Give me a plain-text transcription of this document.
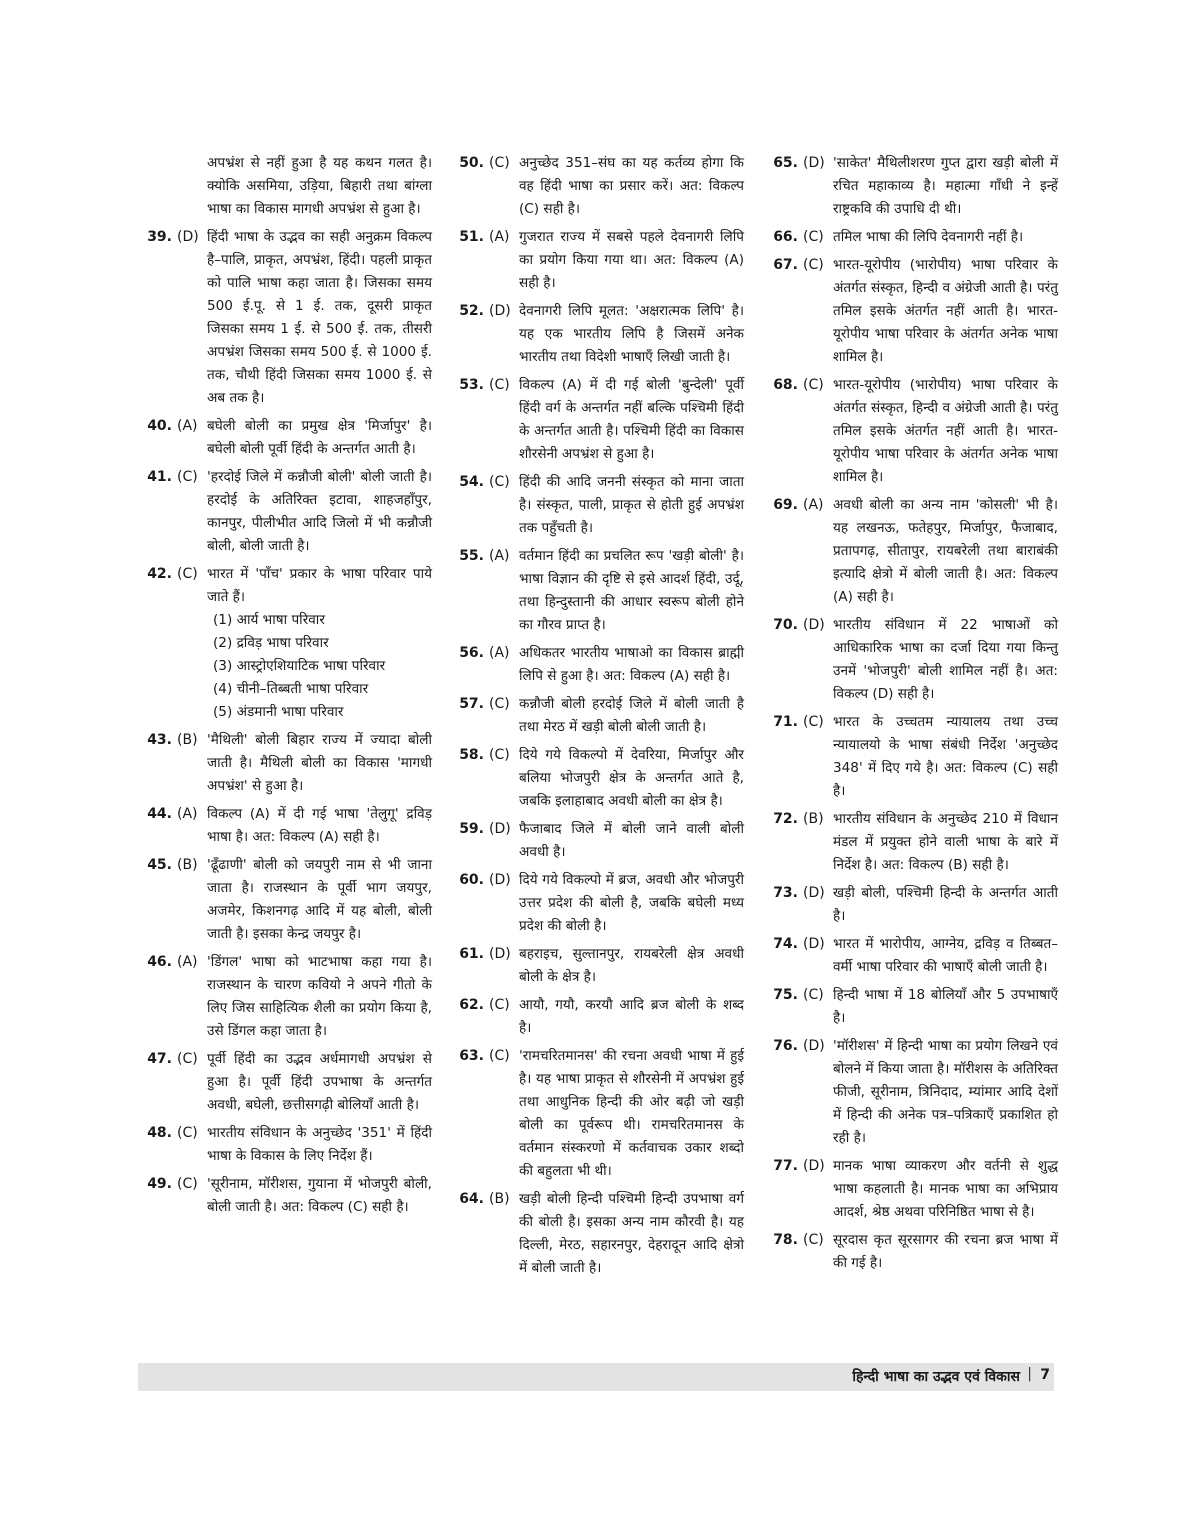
अपभ्रंश से नहीं हुआ है यह कथन गलत है। क्योकि असमिया, उड़िया, बिहारी तथा बांग्ला भाषा का विकास मागधी अपभ्रंश से हुआ है।
39. (D) हिंदी भाषा के उद्भव का सही अनुक्रम विकल्प है–पालि, प्राकृत, अपभ्रंश, हिंदी। पहली प्राकृत को पालि भाषा कहा जाता है। जिसका समय 500 ई.पू. से 1 ई. तक, दूसरी प्राकृत जिसका समय 1 ई. से 500 ई. तक, तीसरी अपभ्रंश जिसका समय 500 ई. से 1000 ई. तक, चौथी हिंदी जिसका समय 1000 ई. से अब तक है।
40. (A) बघेली बोली का प्रमुख क्षेत्र 'मिर्जापुर' है। बघेली बोली पूर्वी हिंदी के अन्तर्गत आती है।
41. (C) 'हरदोई जिले में कन्नौजी बोली' बोली जाती है। हरदोई के अतिरिक्त इटावा, शाहजहाँपुर, कानपुर, पीलीभीत आदि जिलो में भी कन्नौजी बोली, बोली जाती है।
42. (C) भारत में 'पाँच' प्रकार के भाषा परिवार पाये जाते हैं।
(1) आर्य भाषा परिवार
(2) द्रविड़ भाषा परिवार
(3) आस्ट्रोएशियाटिक भाषा परिवार
(4) चीनी–तिब्बती भाषा परिवार
(5) अंडमानी भाषा परिवार
43. (B) 'मैथिली' बोली बिहार राज्य में ज्यादा बोली जाती है। मैथिली बोली का विकास 'मागधी अपभ्रंश' से हुआ है।
44. (A) विकल्प (A) में दी गई भाषा 'तेलुगू' द्रविड़ भाषा है। अत: विकल्प (A) सही है।
45. (B) 'ढूँढाणी' बोली को जयपुरी नाम से भी जाना जाता है। राजस्थान के पूर्वी भाग जयपुर, अजमेर, किशनगढ़ आदि में यह बोली, बोली जाती है। इसका केन्द्र जयपुर है।
46. (A) 'डिंगल' भाषा को भाटभाषा कहा गया है। राजस्थान के चारण कवियो ने अपने गीतो के लिए जिस साहित्यिक शैली का प्रयोग किया है, उसे डिंगल कहा जाता है।
47. (C) पूर्वी हिंदी का उद्भव अर्धमागधी अपभ्रंश से हुआ है। पूर्वी हिंदी उपभाषा के अन्तर्गत अवधी, बघेली, छत्तीसगढ़ी बोलियाँ आती है।
48. (C) भारतीय संविधान के अनुच्छेद '351' में हिंदी भाषा के विकास के लिए निर्देश हैं।
49. (C) 'सूरीनाम, मॉरीशस, गुयाना में भोजपुरी बोली, बोली जाती है। अत: विकल्प (C) सही है।
50. (C) अनुच्छेद 351–संघ का यह कर्तव्य होगा कि वह हिंदी भाषा का प्रसार करें। अत: विकल्प (C) सही है।
51. (A) गुजरात राज्य में सबसे पहले देवनागरी लिपि का प्रयोग किया गया था। अत: विकल्प (A) सही है।
52. (D) देवनागरी लिपि मूलत: 'अक्षरात्मक लिपि' है। यह एक भारतीय लिपि है जिसमें अनेक भारतीय तथा विदेशी भाषाएँ लिखी जाती है।
53. (C) विकल्प (A) में दी गई बोली 'बुन्देली' पूर्वी हिंदी वर्ग के अन्तर्गत नहीं बल्कि पश्चिमी हिंदी के अन्तर्गत आती है। पश्चिमी हिंदी का विकास शौरसेनी अपभ्रंश से हुआ है।
54. (C) हिंदी की आदि जननी संस्कृत को माना जाता है। संस्कृत, पाली, प्राकृत से होती हुई अपभ्रंश तक पहुँचती है।
55. (A) वर्तमान हिंदी का प्रचलित रूप 'खड़ी बोली' है। भाषा विज्ञान की दृष्टि से इसे आदर्श हिंदी, उर्दू, तथा हिन्दुस्तानी की आधार स्वरूप बोली होने का गौरव प्राप्त है।
56. (A) अधिकतर भारतीय भाषाओ का विकास ब्राह्मी लिपि से हुआ है। अत: विकल्प (A) सही है।
57. (C) कन्नौजी बोली हरदोई जिले में बोली जाती है तथा मेरठ में खड़ी बोली बोली जाती है।
58. (C) दिये गये विकल्पो में देवरिया, मिर्जापुर और बलिया भोजपुरी क्षेत्र के अन्तर्गत आते है, जबकि इलाहाबाद अवधी बोली का क्षेत्र है।
59. (D) फैजाबाद जिले में बोली जाने वाली बोली अवधी है।
60. (D) दिये गये विकल्पो में ब्रज, अवधी और भोजपुरी उत्तर प्रदेश की बोली है, जबकि बघेली मध्य प्रदेश की बोली है।
61. (D) बहराइच, सुल्तानपुर, रायबरेली क्षेत्र अवधी बोली के क्षेत्र है।
62. (C) आयौ, गयौ, करयौ आदि ब्रज बोली के शब्द है।
63. (C) 'रामचरितमानस' की रचना अवधी भाषा में हुई है। यह भाषा प्राकृत से शौरसेनी में अपभ्रंश हुई तथा आधुनिक हिन्दी की ओर बढ़ी जो खड़ी बोली का पूर्वरूप थी। रामचरितमानस के वर्तमान संस्करणो में कर्तवाचक उकार शब्दो की बहुलता भी थी।
64. (B) खड़ी बोली हिन्दी पश्चिमी हिन्दी उपभाषा वर्ग की बोली है। इसका अन्य नाम कौरवी है। यह दिल्ली, मेरठ, सहारनपुर, देहरादून आदि क्षेत्रो में बोली जाती है।
65. (D) 'साकेत' मैथिलीशरण गुप्त द्वारा खड़ी बोली में रचित महाकाव्य है। महात्मा गाँधी ने इन्हें राष्ट्रकवि की उपाधि दी थी।
66. (C) तमिल भाषा की लिपि देवनागरी नहीं है।
67. (C) भारत-यूरोपीय (भारोपीय) भाषा परिवार के अंतर्गत संस्कृत, हिन्दी व अंग्रेजी आती है। परंतु तमिल इसके अंतर्गत नहीं आती है। भारत-यूरोपीय भाषा परिवार के अंतर्गत अनेक भाषा शामिल है।
68. (C) भारत-यूरोपीय (भारोपीय) भाषा परिवार के अंतर्गत संस्कृत, हिन्दी व अंग्रेजी आती है। परंतु तमिल इसके अंतर्गत नहीं आती है। भारत-यूरोपीय भाषा परिवार के अंतर्गत अनेक भाषा शामिल है।
69. (A) अवधी बोली का अन्य नाम 'कोसली' भी है। यह लखनऊ, फतेहपुर, मिर्जापुर, फैजाबाद, प्रतापगढ़, सीतापुर, रायबरेली तथा बाराबंकी इत्यादि क्षेत्रो में बोली जाती है। अत: विकल्प (A) सही है।
70. (D) भारतीय संविधान में 22 भाषाओं को आधिकारिक भाषा का दर्जा दिया गया किन्तु उनमें 'भोजपुरी' बोली शामिल नहीं है। अत: विकल्प (D) सही है।
71. (C) भारत के उच्चतम न्यायालय तथा उच्च न्यायालयो के भाषा संबंधी निर्देश 'अनुच्छेद 348' में दिए गये है। अत: विकल्प (C) सही है।
72. (B) भारतीय संविधान के अनुच्छेद 210 में विधान मंडल में प्रयुक्त होने वाली भाषा के बारे में निर्देश है। अत: विकल्प (B) सही है।
73. (D) खड़ी बोली, पश्चिमी हिन्दी के अन्तर्गत आती है।
74. (D) भारत में भारोपीय, आग्नेय, द्रविड़ व तिब्बत–वर्मी भाषा परिवार की भाषाएँ बोली जाती है।
75. (C) हिन्दी भाषा में 18 बोलियाँ और 5 उपभाषाएँ है।
76. (D) 'मॉरीशस' में हिन्दी भाषा का प्रयोग लिखने एवं बोलने में किया जाता है। मॉरीशस के अतिरिक्त फीजी, सूरीनाम, त्रिनिदाद, म्यांमार आदि देशों में हिन्दी की अनेक पत्र–पत्रिकाएँ प्रकाशित हो रही है।
77. (D) मानक भाषा व्याकरण और वर्तनी से शुद्ध भाषा कहलाती है। मानक भाषा का अभिप्राय आदर्श, श्रेष्ठ अथवा परिनिष्ठित भाषा से है।
78. (C) सूरदास कृत सूरसागर की रचना ब्रज भाषा में की गई है।
हिन्दी भाषा का उद्भव एवं विकास | 7
